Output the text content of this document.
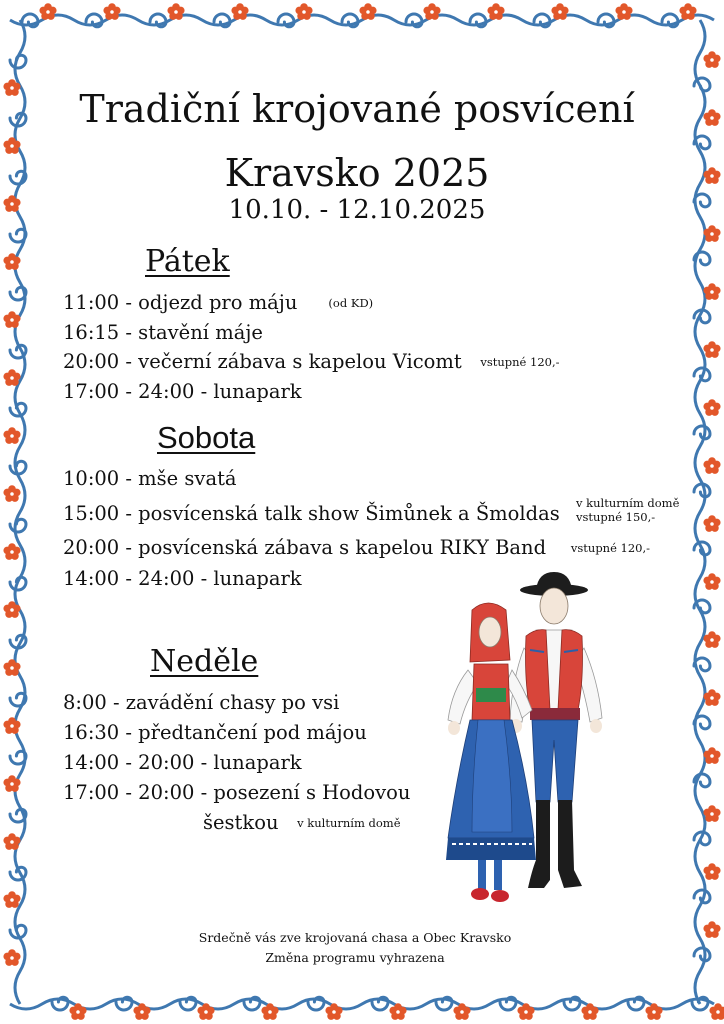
Tradiční krojované posvícení
Kravsko 2025
10.10. - 12.10.2025
Pátek
11:00 - odjezd pro máju	(od KD)
16:15 - stavění máje
20:00 - večerní zábava s kapelou Vicomt vstupné 120,-
17:00 - 24:00 - lunapark
Sobota
10:00 - mše svatá
15:00 - posvícenská talk show Šimůnek a Šmoldas v kulturním domě
vstupné 150,-
20:00 - posvícenská zábava s kapelou RIKY Band vstupné 120,-
14:00 - 24:00 - lunapark
Neděle
8:00 - zavádění chasy po vsi
16:30 - předtančení pod májou
14:00 - 20:00 - lunapark
17:00 - 20:00 - posezení s Hodovou
šestkou v kulturním domě
Srdečně vás zve krojovaná chasa a Obec Kravsko
Změna programu vyhrazena
